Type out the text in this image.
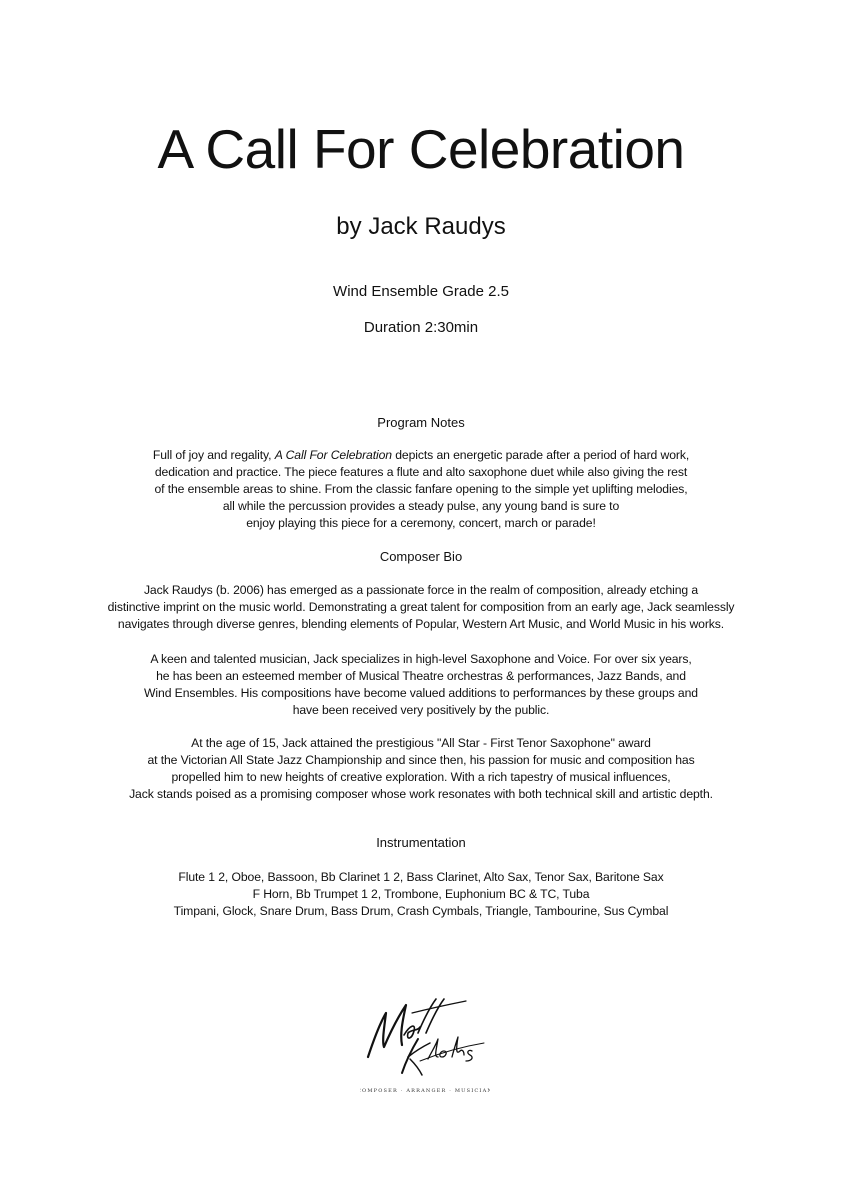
A Call For Celebration
by Jack Raudys
Wind Ensemble Grade 2.5
Duration 2:30min
Program Notes
Full of joy and regality, A Call For Celebration depicts an energetic parade after a period of hard work,
dedication and practice. The piece features a flute and alto saxophone duet while also giving the rest
of the ensemble areas to shine. From the classic fanfare opening to the simple yet uplifting melodies,
all while the percussion provides a steady pulse, any young band is sure to
enjoy playing this piece for a ceremony, concert, march or parade!
Composer Bio
Jack Raudys (b. 2006) has emerged as a passionate force in the realm of composition, already etching a
distinctive imprint on the music world. Demonstrating a great talent for composition from an early age, Jack seamlessly
navigates through diverse genres, blending elements of Popular, Western Art Music, and World Music in his works.
A keen and talented musician, Jack specializes in high-level Saxophone and Voice. For over six years,
he has been an esteemed member of Musical Theatre orchestras & performances, Jazz Bands, and
Wind Ensembles. His compositions have become valued additions to performances by these groups and
have been received very positively by the public.
At the age of 15, Jack attained the prestigious "All Star - First Tenor Saxophone" award
at the Victorian All State Jazz Championship and since then, his passion for music and composition has
propelled him to new heights of creative exploration. With a rich tapestry of musical influences,
Jack stands poised as a promising composer whose work resonates with both technical skill and artistic depth.
Instrumentation
Flute 1 2, Oboe, Bassoon, Bb Clarinet 1 2, Bass Clarinet, Alto Sax, Tenor Sax, Baritone Sax
F Horn, Bb Trumpet 1 2, Trombone, Euphonium BC & TC, Tuba
Timpani, Glock, Snare Drum, Bass Drum, Crash Cymbals, Triangle, Tambourine, Sus Cymbal
COMPOSER · ARRANGER · MUSICIAN
